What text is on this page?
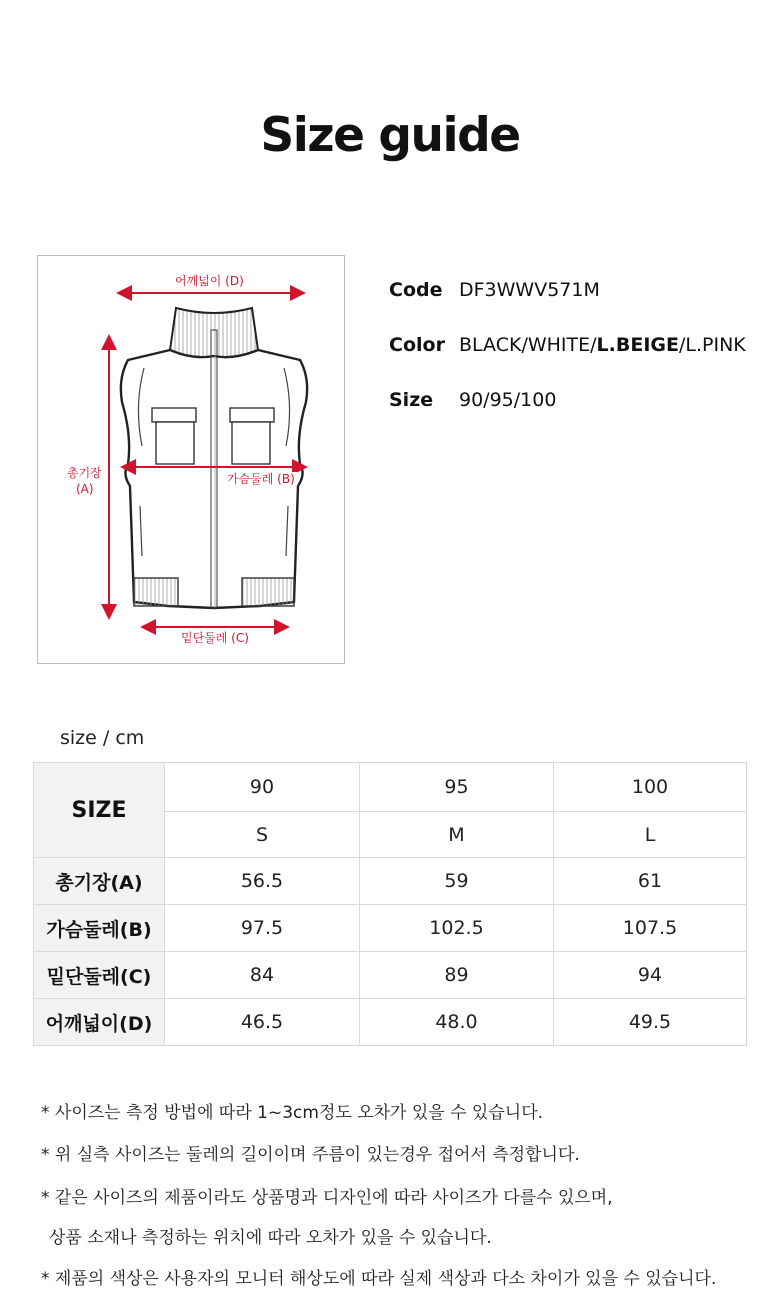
Size guide
어깨넓이 (D)
총기장
(A)
가슴둘레 (B)
밑단둘레 (C)
Code DF3WWV571M
Color BLACK/WHITE/L.BEIGE/L.PINK
Size	90/95/100
size / cm
SIZE	90	95	100
	S	M	L
총기장(A)	56.5	59	61
가슴둘레(B)	97.5	102.5	107.5
밑단둘레(C)	84	89	94
어깨넓이(D)	46.5	48.0	49.5
* 사이즈는 측정 방법에 따라 1~3cm정도 오차가 있을 수 있습니다.
* 위 실측 사이즈는 둘레의 길이이며 주름이 있는경우 접어서 측정합니다.
* 같은 사이즈의 제품이라도 상품명과 디자인에 따라 사이즈가 다를수 있으며,
상품 소재나 측정하는 위치에 따라 오차가 있을 수 있습니다.
* 제품의 색상은 사용자의 모니터 해상도에 따라 실제 색상과 다소 차이가 있을 수 있습니다.
